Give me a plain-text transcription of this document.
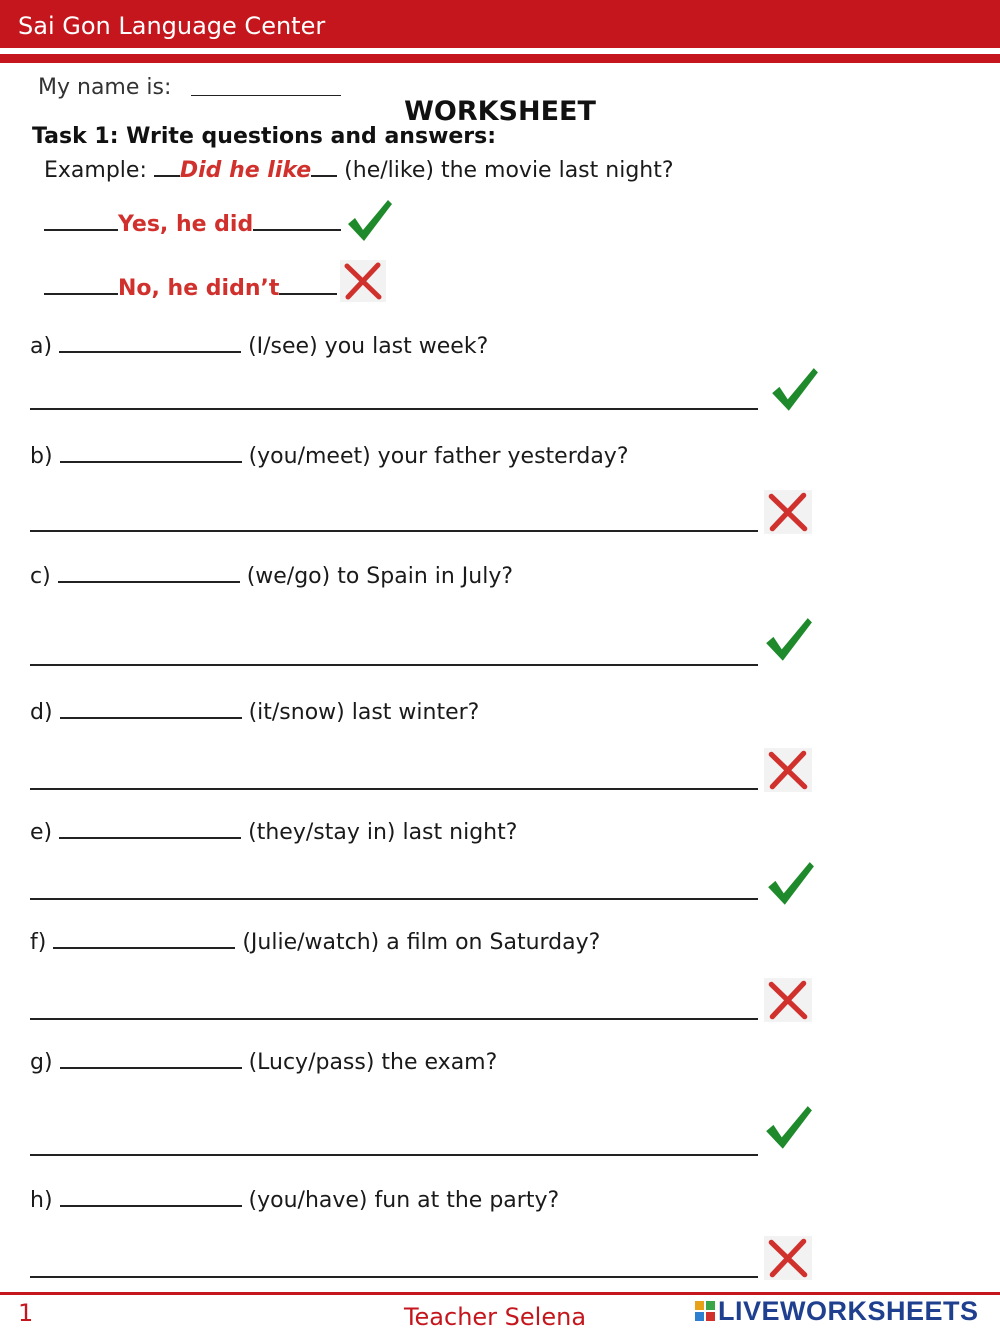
Sai Gon Language Center
My name is:
WORKSHEET
Task 1: Write questions and answers:
Example: Did he like (he/like) the movie last night?
Yes, he did
No, he didn’t
a)	(I/see) you last week?
b)	(you/meet) your father yesterday?
c)	(we/go) to Spain in July?
d)	(it/snow) last winter?
e)	(they/stay in) last night?
f)	(Julie/watch) a film on Saturday?
g)	(Lucy/pass) the exam?
h)	(you/have) fun at the party?
1	Teacher Selena	LIVEWORKSHEETS
